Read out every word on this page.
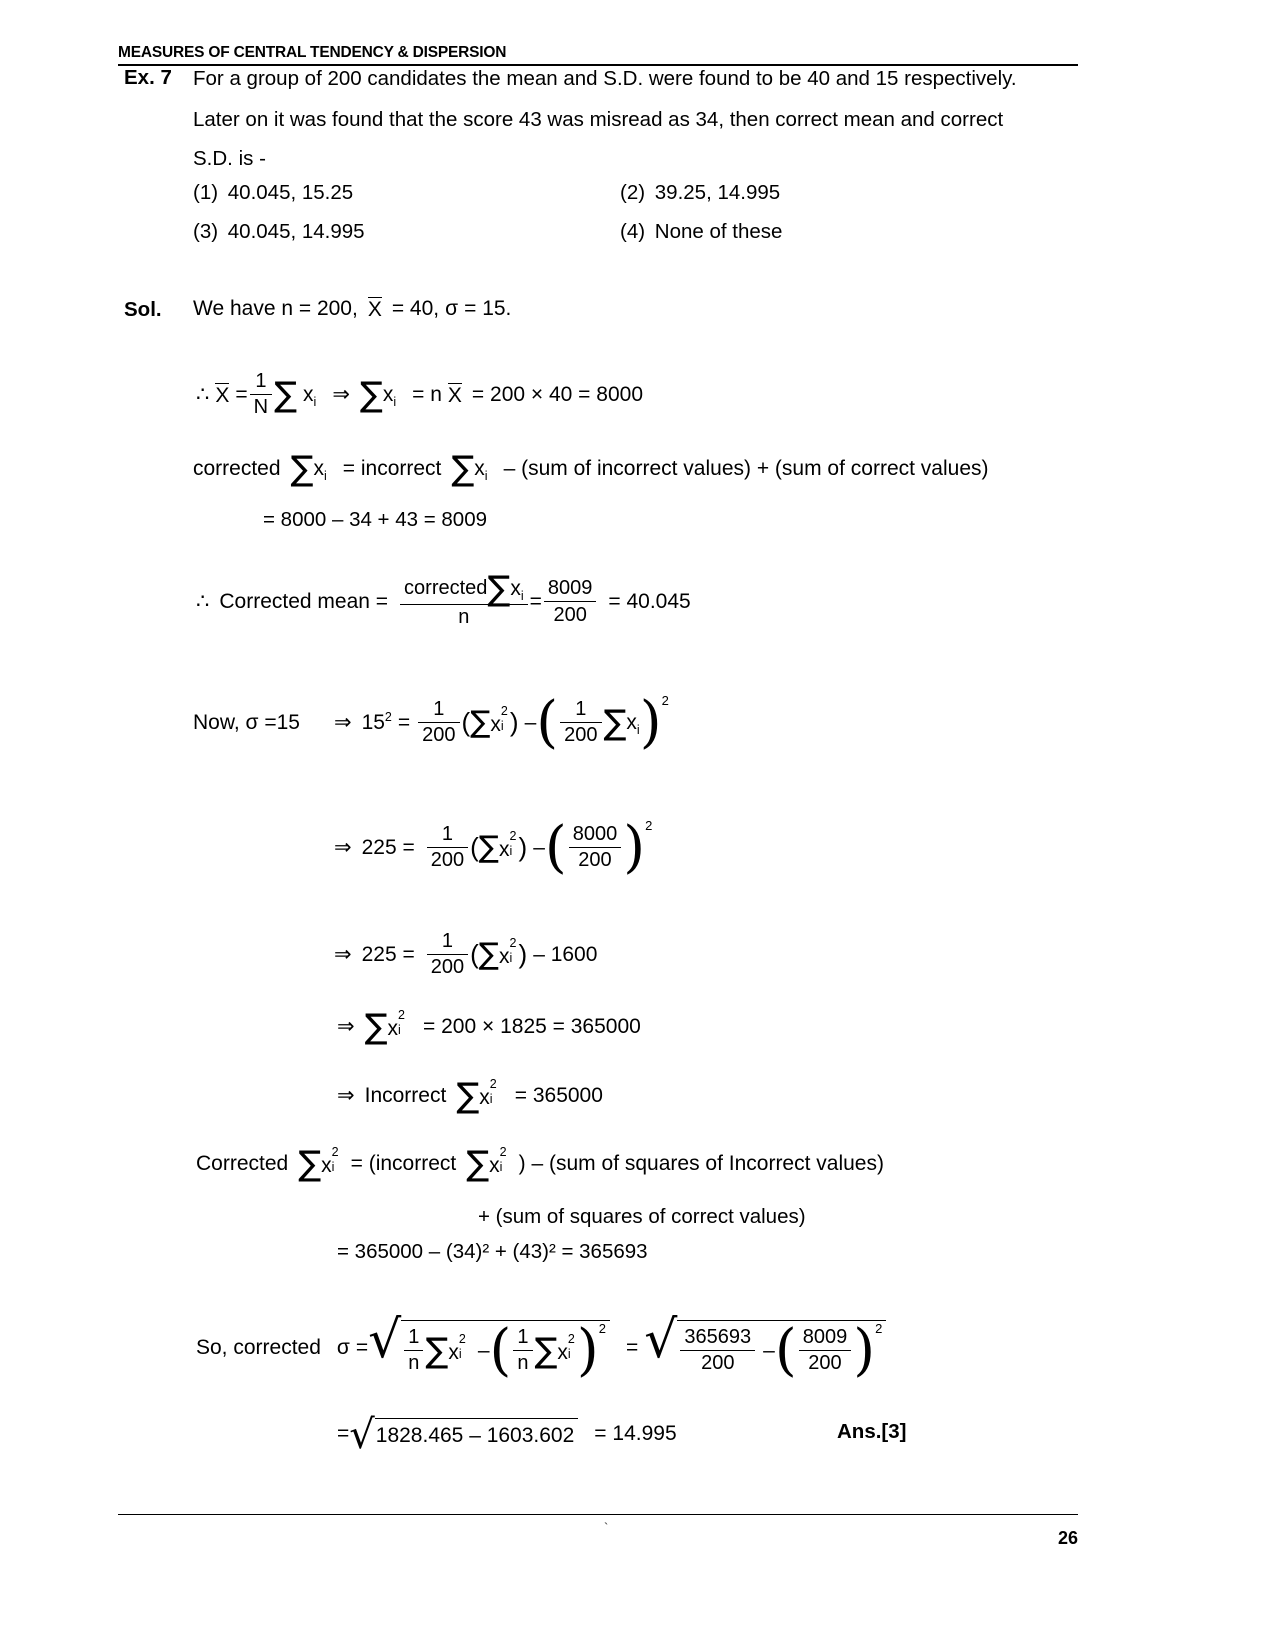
MEASURES OF CENTRAL TENDENCY & DISPERSION
Ex. 7 For a group of 200 candidates the mean and S.D. were found to be 40 and 15 respectively.
Later on it was found that the score 43 was misread as 34, then correct mean and correct
S.D. is -
(1) 40.045, 15.25	(2) 39.25, 14.995
(3) 40.045, 14.995	(4) None of these
Sol. We have n = 200, X = 40, σ = 15.
∴ $X = \frac{1}{N}$ ∑ $x_i$ ⇒ ∑ $x_i = n$ X = 200 × 40 = 8000
corrected ∑ $x_i$ = incorrect ∑ $x_i - (sum$ of incorrect values) + (sum of correct values)
= 8000 – 34 + 43 = 8009
∴ Corrected mean = $\frac{corrected \sum x_i}{n} = \frac{8009}{200} = 40.045$
Now, σ =15 ⇒ $15^2 = \frac{1}{200}$ ( ∑ x
2
i ) – ( $\frac{1}{200}$ ∑ $x_i$ ) 2
⇒ $225 = \frac{1}{200}$ ( ∑ x
2
i ) – ( $\frac{8000}{200}$ ) 2
⇒ $225 = \frac{1}{200}$ ( ∑ x
2
i ) – 1600
⇒ ∑ x
2
i = 200 × 1825 = 365000
⇒ Incorrect ∑ x
2
i = 365000
Corrected ∑ x
2
i = (incorrect ∑ x
2
i ) – (sum of squares of Incorrect values)
+ (sum of squares of correct values)
= 365000 – (34)² + (43)² = 365693
So, corrected σ = √ $\frac{1}{n}$ ∑ x
2
i – ( $\frac{1}{n}$ ∑ x
2
i ) 2
= √ $\frac{365693}{200}$ – ( $\frac{8009}{200}$ ) 2
= √ 1828.465 – 1603.602 = 14.995	Ans.[3]
`
26
